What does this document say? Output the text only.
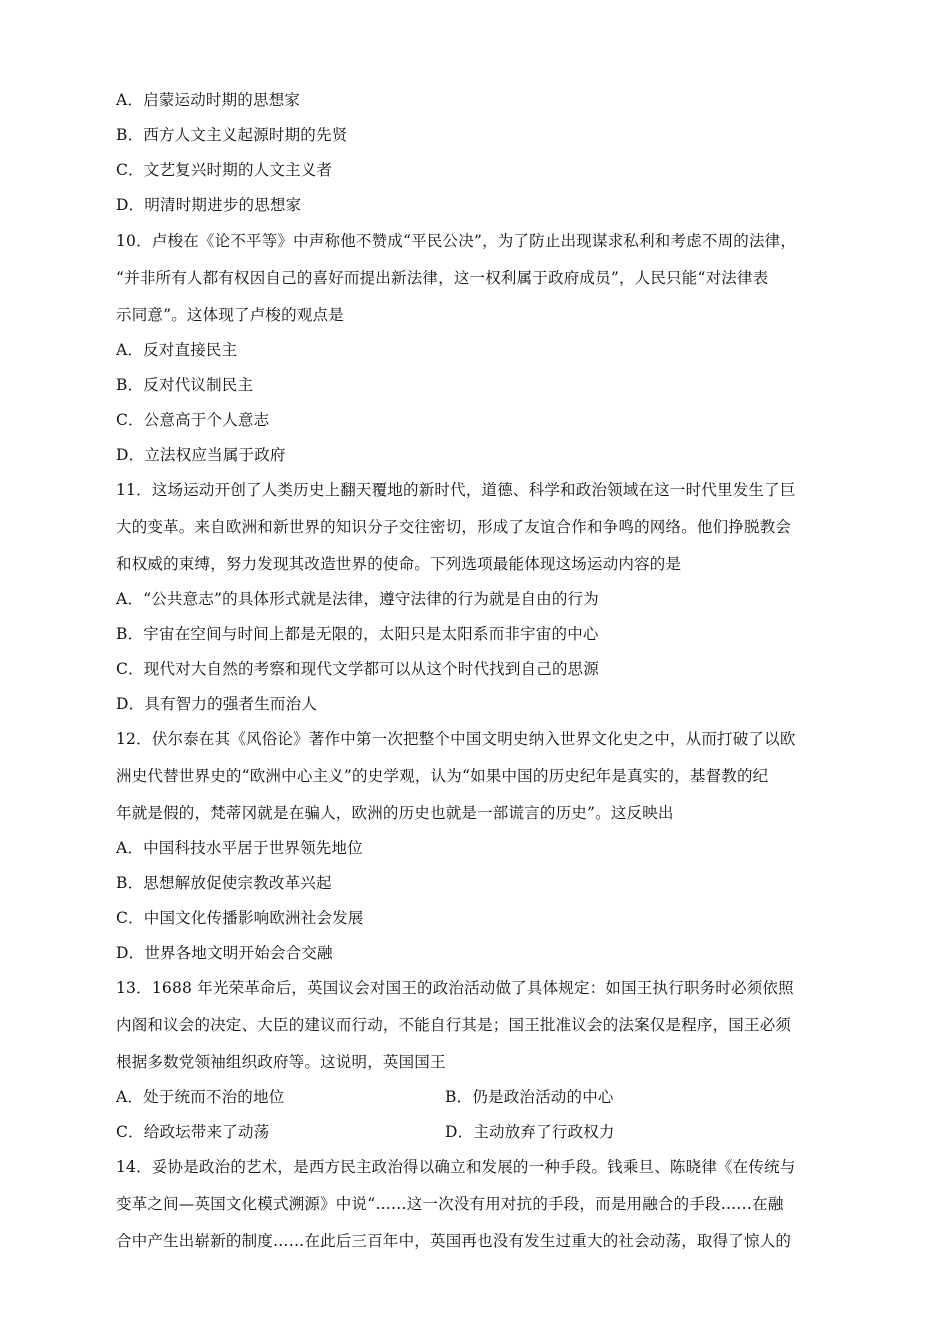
A．启蒙运动时期的思想家
B．西方人文主义起源时期的先贤
C．文艺复兴时期的人文主义者
D．明清时期进步的思想家
10．卢梭在《论不平等》中声称他不赞成“平民公决”，为了防止出现谋求私利和考虑不周的法律，
“并非所有人都有权因自己的喜好而提出新法律，这一权利属于政府成员”，人民只能“对法律表
示同意”。这体现了卢梭的观点是
A．反对直接民主
B．反对代议制民主
C．公意高于个人意志
D．立法权应当属于政府
11．这场运动开创了人类历史上翻天覆地的新时代，道德、科学和政治领域在这一时代里发生了巨
大的变革。来自欧洲和新世界的知识分子交往密切，形成了友谊合作和争鸣的网络。他们挣脱教会
和权威的束缚，努力发现其改造世界的使命。下列选项最能体现这场运动内容的是
A．“公共意志”的具体形式就是法律，遵守法律的行为就是自由的行为
B．宇宙在空间与时间上都是无限的，太阳只是太阳系而非宇宙的中心
C．现代对大自然的考察和现代文学都可以从这个时代找到自己的思源
D．具有智力的强者生而治人
12．伏尔泰在其《风俗论》著作中第一次把整个中国文明史纳入世界文化史之中，从而打破了以欧
洲史代替世界史的“欧洲中心主义”的史学观，认为“如果中国的历史纪年是真实的，基督教的纪
年就是假的，梵蒂冈就是在骗人，欧洲的历史也就是一部谎言的历史”。这反映出
A．中国科技水平居于世界领先地位
B．思想解放促使宗教改革兴起
C．中国文化传播影响欧洲社会发展
D．世界各地文明开始会合交融
13．1688 年光荣革命后，英国议会对国王的政治活动做了具体规定：如国王执行职务时必须依照
内阁和议会的决定、大臣的建议而行动，不能自行其是；国王批准议会的法案仅是程序，国王必须
根据多数党领袖组织政府等。这说明，英国国王
A．处于统而不治的地位	B．仍是政治活动的中心
C．给政坛带来了动荡	D．主动放弃了行政权力
14．妥协是政治的艺术，是西方民主政治得以确立和发展的一种手段。钱乘旦、陈晓律《在传统与
变革之间—英国文化模式溯源》中说“……这一次没有用对抗的手段，而是用融合的手段……在融
合中产生出崭新的制度……在此后三百年中，英国再也没有发生过重大的社会动荡，取得了惊人的
